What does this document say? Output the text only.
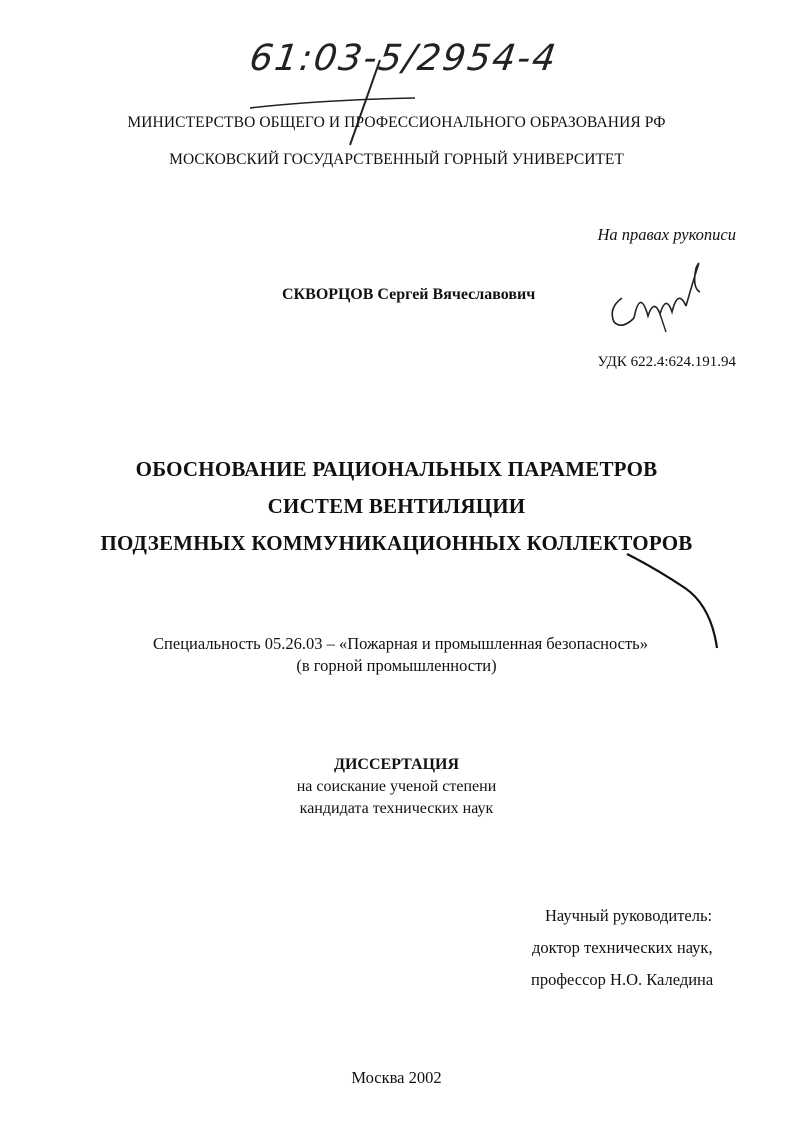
61:03-5/2954-4
МИНИСТЕРСТВО ОБЩЕГО И ПРОФЕССИОНАЛЬНОГО ОБРАЗОВАНИЯ РФ
МОСКОВСКИЙ ГОСУДАРСТВЕННЫЙ ГОРНЫЙ УНИВЕРСИТЕТ
На правах рукописи
СКВОРЦОВ Сергей Вячеславович
УДК 622.4:624.191.94
ОБОСНОВАНИЕ РАЦИОНАЛЬНЫХ ПАРАМЕТРОВ
СИСТЕМ ВЕНТИЛЯЦИИ
ПОДЗЕМНЫХ КОММУНИКАЦИОННЫХ КОЛЛЕКТОРОВ
Специальность 05.26.03 – «Пожарная и промышленная безопасность»
(в горной промышленности)
ДИССЕРТАЦИЯ
на соискание ученой степени
кандидата технических наук
Научный руководитель:
доктор технических наук,
профессор Н.О. Каледина
Москва 2002
